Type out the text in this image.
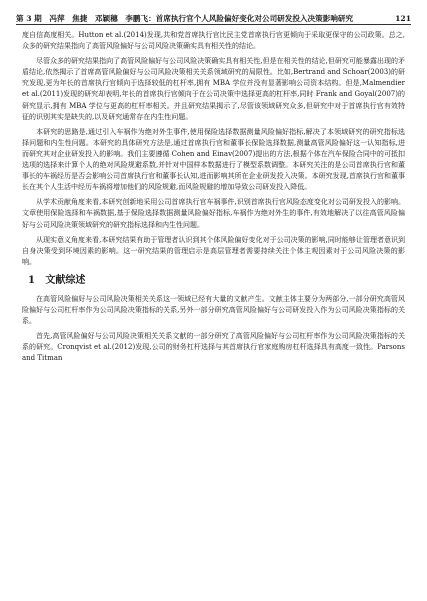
第 3 期　冯萍　焦捷　邓颖穗　李鹏飞：首席执行官个人风险偏好变化对公司研发投入决策影响研究	121

度自信高度相关。Hutton et al.(2014)发现,共和党首席执行官比民主党首席执行官更倾向于采取更保守的公司政策。总之,众多的研究结果指向了高管风险偏好与公司风险决策确实具有相关性的结论。

尽管众多的研究结果指向了高管风险偏好与公司风险决策确实具有相关性,但是在相关性的结论,但研究可能暴露出现的矛盾结论,依然揭示了首席高管风险偏好与公司风险决策相关关系领域研究的局限性。比如,Bertrand and Schoar(2003)的研究发现,更为年长的首席执行官倾向于选择较低的杠杆率,拥有 MBA 学位并没有显著影响公司资本结构。但是,Malmendier et al.(2011)发现的研究却表明,年长的首席执行官倾向于在公司决策中选择更高的杠杆率,同时 Frank and Goyal(2007)的研究显示,拥有 MBA 学位与更高的杠杆率相关。并且研究结果揭示了,尽管该领域研究众多,但研究中对于首席执行官有效特征的识别其实是缺失的,以及研究通常存在内生性问题。

本研究的思路是,通过引入车祸作为绝对外生事件,使用保险选择数据测量风险偏好指标,解决了本领域研究的研究指标选择问题和内生性问题。本研究的具体研究方法是,通过首席执行官和董事长保险选择数据,测量高管风险偏好这一认知指标,进而研究其对企业研发投入的影响。我们主要遵循 Cohen and Einav(2007)提出的方法,根据个体在汽车保险合同中的可抵扣选项的选择来计算个人的绝对风险规避系数,并针对中国样本数据进行了模型系数调整。本研究关注的是公司首席执行官和董事长的车祸经历是否会影响公司首席执行官和董事长认知,进而影响其所在企业研发投入决策。本研究发现,首席执行官和董事长在其个人生活中经历车祸将增加他们的风险规避,而风险规避的增加导致公司研发投入降低。

从学术贡献角度来看,本研究创新地采用公司首席执行官车祸事件,识别首席执行官风险态度变化对公司研发投入的影响。文章使用保险选择和车祸数据,基于保险选择数据测量风险偏好指标,车祸作为绝对外生的事件,有效地解决了以往高管风险偏好与公司风险决策领域研究的研究指标选择和内生性问题。

从现实意义角度来看,本研究结果有助于管理者认识到其个体风险偏好变化对于公司决策的影响,同时能够让管理者意识到自身决策受到环境因素的影响。这一研究结果的管理启示是高层管理者需要持续关注个体主观因素对于公司风险决策的影响。

1 文献综述

在高管风险偏好与公司风险决策相关关系这一领域已经有大量的文献产生。文献主体主要分为两部分,一部分研究高管风险偏好与公司杠杆率作为公司风险决策指标的关系,另外一部分研究高管风险偏好与公司研发投入作为公司风险决策指标的关系。

首先,高管风险偏好与公司风险决策相关关系文献的一部分研究了高管风险偏好与公司杠杆率作为公司风险决策指标的关系的研究。Cronqvist et al.(2012)发现,公司的财务杠杆选择与其首席执行官家庭购房杠杆选择具有高度一致性。Parsons and Titman
